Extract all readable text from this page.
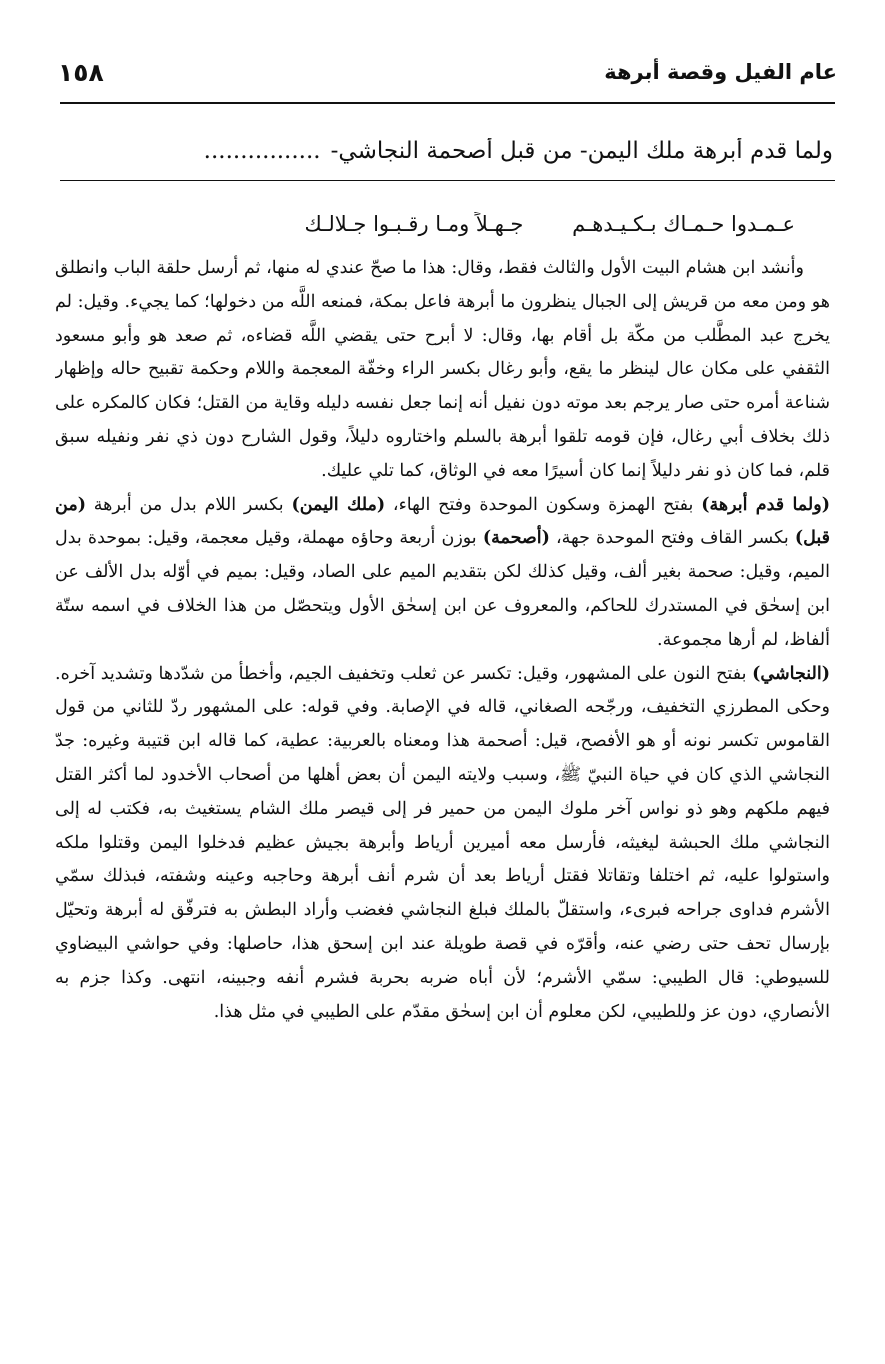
عام الفيل وقصة أبرهة
١٥٨
ولما قدم أبرهة ملك اليمن- من قبل أصحمة النجاشي-................
عـمـدوا حـمـاك بـكـيـدهـم جـهـلاً ومـا رقـبـوا جـلالـك

وأنشد ابن هشام البيت الأول والثالث فقط، وقال: هذا ما صحّ عندي له منها، ثم أرسل حلقة الباب وانطلق هو ومن معه من قريش إلى الجبال ينظرون ما أبرهة فاعل بمكة، فمنعه اللَّه من دخولها؛ كما يجيء. وقيل: لم يخرج عبد المطَّلب من مكّة بل أقام بها، وقال: لا أبرح حتى يقضي اللَّه قضاءه، ثم صعد هو وأبو مسعود الثقفي على مكان عال لينظر ما يقع، وأبو رغال بكسر الراء وخفّة المعجمة واللام وحكمة تقبيح حاله وإظهار شناعة أمره حتى صار يرجم بعد موته دون نفيل أنه إنما جعل نفسه دليله وقاية من القتل؛ فكان كالمكره على ذلك بخلاف أبي رغال، فإن قومه تلقوا أبرهة بالسلم واختاروه دليلاً، وقول الشارح دون ذي نفر ونفيله سبق قلم، فما كان ذو نفر دليلاً إنما كان أسيرًا معه في الوثاق، كما تلي عليك.

(ولما قدم أبرهة) بفتح الهمزة وسكون الموحدة وفتح الهاء، (ملك اليمن) بكسر اللام بدل من أبرهة (من قبل) بكسر القاف وفتح الموحدة جهة، (أصحمة) بوزن أربعة وحاؤه مهملة، وقيل معجمة، وقيل: بموحدة بدل الميم، وقيل: صحمة بغير ألف، وقيل كذلك لكن بتقديم الميم على الصاد، وقيل: بميم في أوّله بدل الألف عن ابن إسحٰق في المستدرك للحاكم، والمعروف عن ابن إسحٰق الأول ويتحصّل من هذا الخلاف في اسمه ستّة ألفاظ، لم أرها مجموعة.

(النجاشي) بفتح النون على المشهور، وقيل: تكسر عن ثعلب وتخفيف الجيم، وأخطأ من شدّدها وتشديد آخره. وحكى المطرزي التخفيف، ورجّحه الصغاني، قاله في الإصابة. وفي قوله: على المشهور ردّ للثاني من قول القاموس تكسر نونه أو هو الأفصح، قيل: أصحمة هذا ومعناه بالعربية: عطية، كما قاله ابن قتيبة وغيره: جدّ النجاشي الذي كان في حياة النبيّ ﷺ، وسبب ولايته اليمن أن بعض أهلها من أصحاب الأخدود لما أكثر القتل فيهم ملكهم وهو ذو نواس آخر ملوك اليمن من حمير فر إلى قيصر ملك الشام يستغيث به، فكتب له إلى النجاشي ملك الحبشة ليغيثه، فأرسل معه أميرين أرياط وأبرهة بجيش عظيم فدخلوا اليمن وقتلوا ملكه واستولوا عليه، ثم اختلفا وتقاتلا فقتل أرياط بعد أن شرم أنف أبرهة وحاجبه وعينه وشفته، فبذلك سمّي الأشرم فداوى جراحه فبرىء، واستقلّ بالملك فبلغ النجاشي فغضب وأراد البطش به فترفّق له أبرهة وتحيّل بإرسال تحف حتى رضي عنه، وأقرّه في قصة طويلة عند ابن إسحق هذا، حاصلها: وفي حواشي البيضاوي للسيوطي: قال الطيبي: سمّي الأشرم؛ لأن أباه ضربه بحربة فشرم أنفه وجبينه، انتهى. وكذا جزم به الأنصاري، دون عز وللطيبي، لكن معلوم أن ابن إسحٰق مقدّم على الطيبي في مثل هذا.
